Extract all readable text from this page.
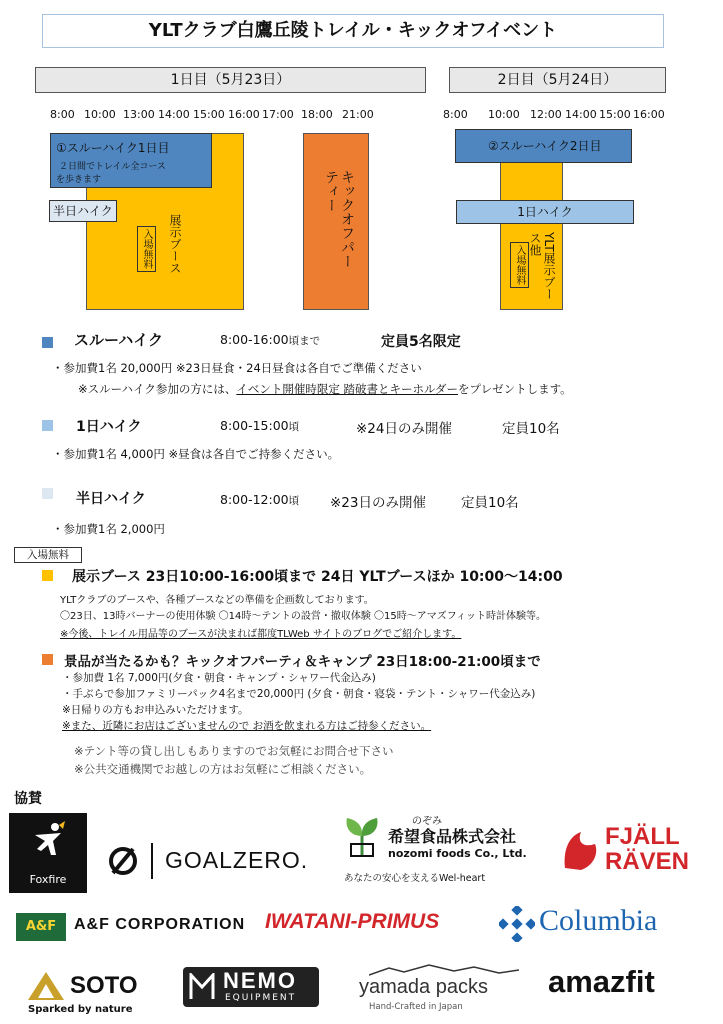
YLTクラブ白鷹丘陵トレイル・キックオフイベント
1日目（5月23日）	2日目（5月24日）
8:00 10:00 13:00 14:00 15:00 16:00 17:00 18:00 21:00	8:00 10:00 12:00 14:00 15:00 16:00
展示ブース
入場無料
①スルーハイク1日目
２日間でトレイル全コース
を歩きます
半日ハイク	キックオフパーティー
YLT展示ブース他
入場無料
②スルーハイク2日目
1日ハイク
スルーハイク	8:00-16:00頃まで	定員5名限定
・参加費1名 20,000円 ※23日昼食・24日昼食は各自でご準備ください
※スルーハイク参加の方には、イベント開催時限定 踏破書とキーホルダーをプレゼントします。
1日ハイク	8:00-15:00頃	※24日のみ開催	定員10名
・参加費1名 4,000円 ※昼食は各自でご持参ください。
半日ハイク	8:00-12:00頃 ※23日のみ開催	定員10名
・参加費1名 2,000円
入場無料
展示ブース 23日10:00-16:00頃まで 24日 YLTブースほか 10:00～14:00
YLTクラブのブースや、各種ブースなどの準備を企画数しております。
〇23日、13時バーナーの使用体験 〇14時～テントの設営・撤収体験 〇15時～アマズフィット時計体験等。
※今後、トレイル用品等のブースが決まれば都度TLWeb サイトのブログでご紹介します。
景品が当たるかも？キックオフパーティ＆キャンプ 23日18:00-21:00頃まで
・参加費 1名 7,000円(夕食・朝食・キャンプ・シャワー代金込み)
・手ぶらで参加ファミリーパック4名まで20,000円 (夕食・朝食・寝袋・テント・シャワー代金込み)
※日帰りの方もお申込みいただけます。
※また、近隣にお店はございませんので お酒を飲まれる方はご持参ください。
※テント等の貸し出しもありますのでお気軽にお問合せ下さい
※公共交通機関でお越しの方はお気軽にご相談ください。
協賛
Foxfire
GOALZERO.
のぞみ
希望食品株式会社
nozomi foods Co., Ltd.
あなたの安心を支えるWel-heart
FJÄLL
RÄVEN
A&F	A&F CORPORATION IWATANI-PRIMUS	Columbia
SOTO
Sparked by nature
NEMO
EQUIPMENT	yamada packs
Hand-Crafted in Japan
amazfit
